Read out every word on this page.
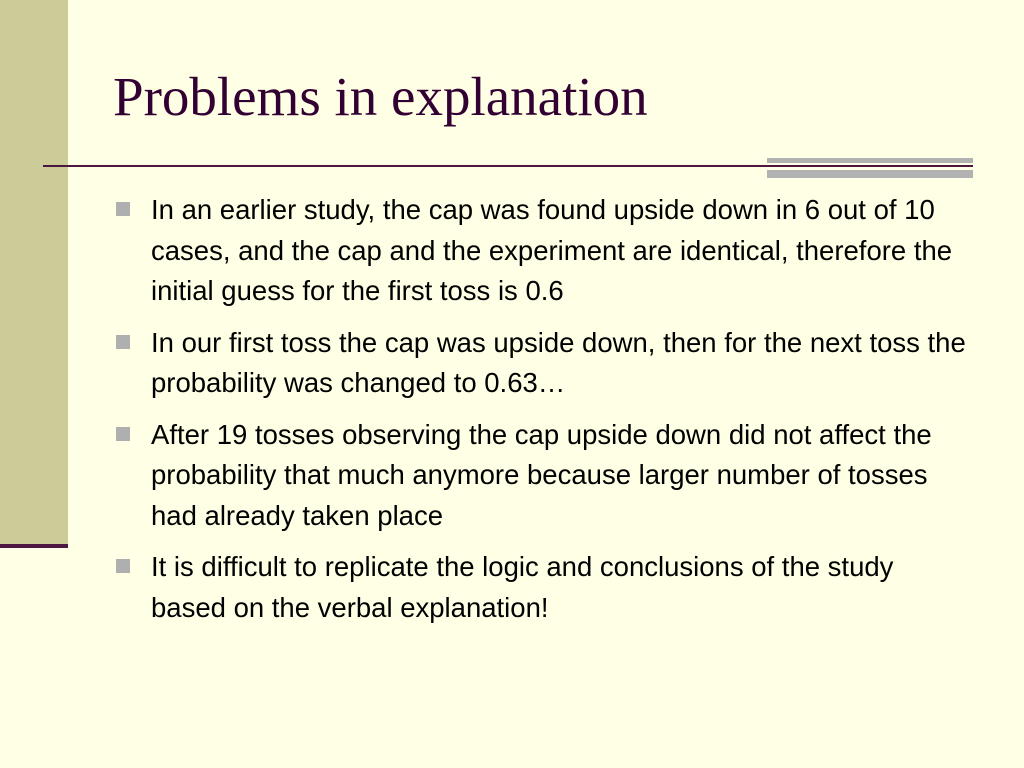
Problems in explanation
In an earlier study, the cap was found upside down in 6 out of 10 cases, and the cap and the experiment are identical, therefore the initial guess for the first toss is 0.6
In our first toss the cap was upside down, then for the next toss the probability was changed to 0.63…
After 19 tosses observing the cap upside down did not affect the probability that much anymore because larger number of tosses had already taken place
It is difficult to replicate the logic and conclusions of the study based on the verbal explanation!
